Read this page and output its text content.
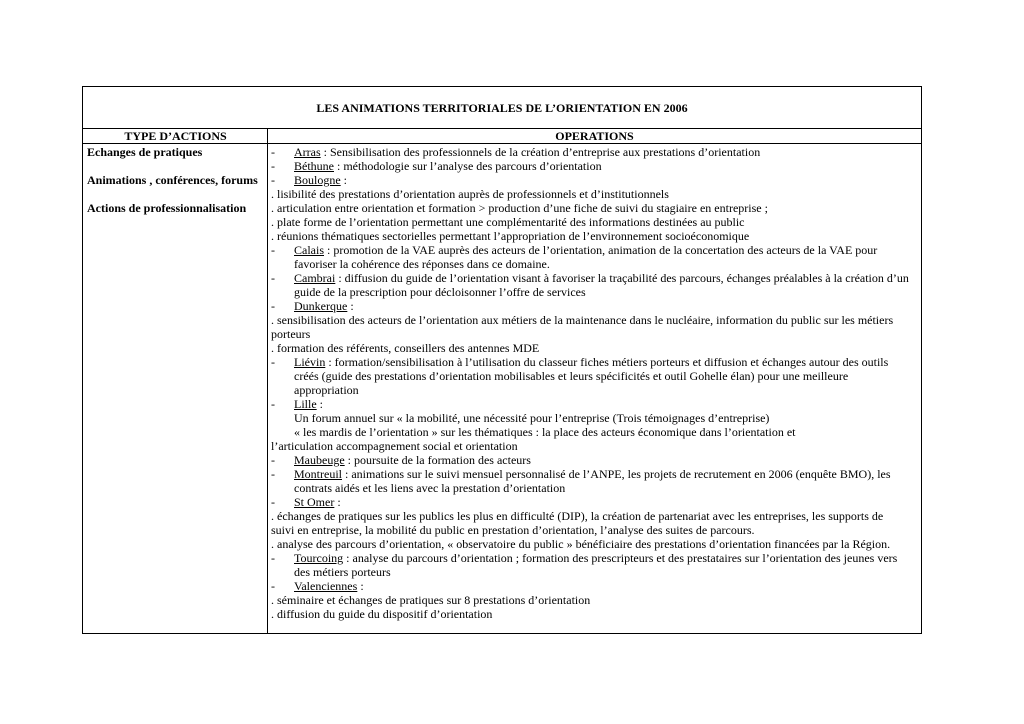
LES ANIMATIONS TERRITORIALES DE L’ORIENTATION EN 2006
TYPE D’ACTIONS	OPERATIONS
Echanges de pratiques
Animations , conférences, forums
Actions de professionnalisation
- Arras : Sensibilisation des professionnels de la création d’entreprise aux prestations d’orientation
- Béthune : méthodologie sur l’analyse des parcours d’orientation
- Boulogne :
. lisibilité des prestations d’orientation auprès de professionnels et d’institutionnels
. articulation entre orientation et formation > production d’une fiche de suivi du stagiaire en entreprise ;
. plate forme de l’orientation permettant une complémentarité des informations destinées au public
. réunions thématiques sectorielles permettant l’appropriation de l’environnement socioéconomique
- Calais : promotion de la VAE auprès des acteurs de l’orientation, animation de la concertation des acteurs de la VAE pour
favoriser la cohérence des réponses dans ce domaine.
- Cambrai : diffusion du guide de l’orientation visant à favoriser la traçabilité des parcours, échanges préalables à la création d’un
guide de la prescription pour décloisonner l’offre de services
- Dunkerque :
. sensibilisation des acteurs de l’orientation aux métiers de la maintenance dans le nucléaire, information du public sur les métiers
porteurs
. formation des référents, conseillers des antennes MDE
- Liévin : formation/sensibilisation à l’utilisation du classeur fiches métiers porteurs et diffusion et échanges autour des outils
créés (guide des prestations d’orientation mobilisables et leurs spécificités et outil Gohelle élan) pour une meilleure
appropriation
- Lille :
Un forum annuel sur « la mobilité, une nécessité pour l’entreprise (Trois témoignages d’entreprise)
« les mardis de l’orientation » sur les thématiques : la place des acteurs économique dans l’orientation et
l’articulation accompagnement social et orientation
- Maubeuge : poursuite de la formation des acteurs
- Montreuil : animations sur le suivi mensuel personnalisé de l’ANPE, les projets de recrutement en 2006 (enquête BMO), les
contrats aidés et les liens avec la prestation d’orientation
- St Omer :
. échanges de pratiques sur les publics les plus en difficulté (DIP), la création de partenariat avec les entreprises, les supports de
suivi en entreprise, la mobilité du public en prestation d’orientation, l’analyse des suites de parcours.
. analyse des parcours d’orientation, « observatoire du public » bénéficiaire des prestations d’orientation financées par la Région.
- Tourcoing : analyse du parcours d’orientation ; formation des prescripteurs et des prestataires sur l’orientation des jeunes vers
des métiers porteurs
- Valenciennes :
. séminaire et échanges de pratiques sur 8 prestations d’orientation
. diffusion du guide du dispositif d’orientation
